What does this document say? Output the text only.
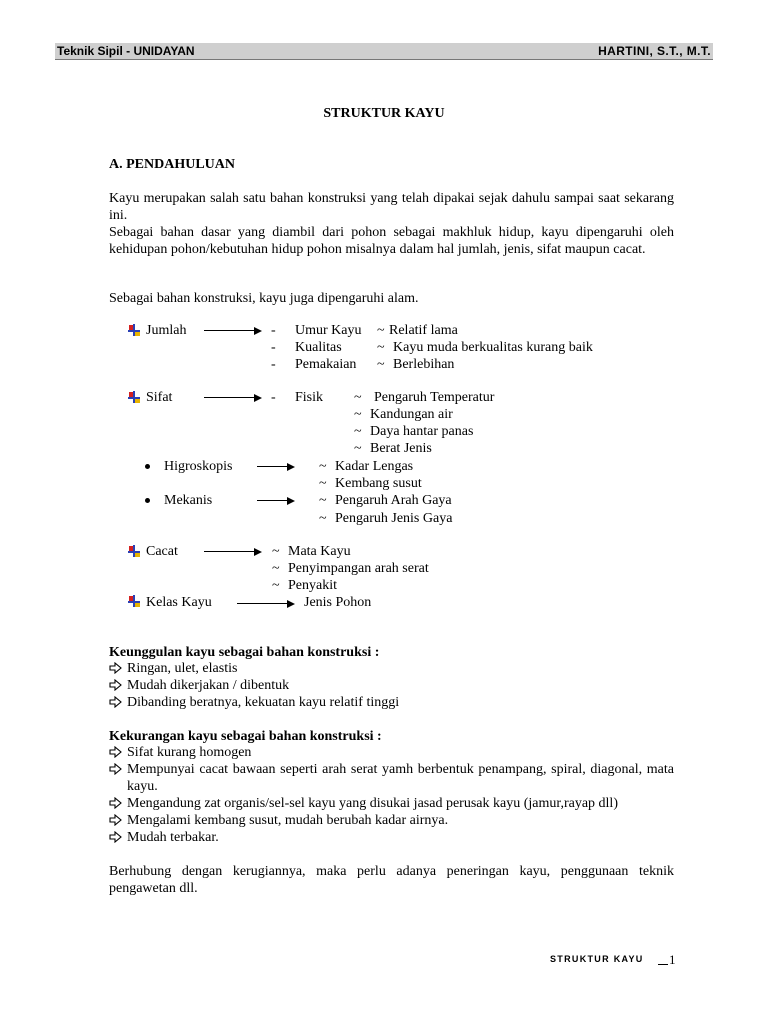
Teknik Sipil - UNIDAYAN	HARTINI, S.T., M.T.
STRUKTUR KAYU
A. PENDAHULUAN
Kayu merupakan salah satu bahan konstruksi yang telah dipakai sejak dahulu sampai saat sekarang ini.
Sebagai bahan dasar yang diambil dari pohon sebagai makhluk hidup, kayu dipengaruhi oleh kehidupan pohon/kebutuhan hidup pohon misalnya dalam hal jumlah, jenis, sifat maupun cacat.
Sebagai bahan konstruksi, kayu juga dipengaruhi alam.
Jumlah	- Umur Kayu ~ Relatif lama
- Kualitas	~ Kayu muda berkualitas kurang baik
- Pemakaian ~ Berlebihan
Sifat	- Fisik ~ Pengaruh Temperatur
~ Kandungan air
~ Daya hantar panas
~ Berat Jenis
Higroskopis	~ Kadar Lengas
~ Kembang susut
Mekanis	~ Pengaruh Arah Gaya
~ Pengaruh Jenis Gaya
Cacat	~ Mata Kayu
~ Penyimpangan arah serat
~ Penyakit
Kelas Kayu	Jenis Pohon
Keunggulan kayu sebagai bahan konstruksi :
Ringan, ulet, elastis
Mudah dikerjakan / dibentuk
Dibanding beratnya, kekuatan kayu relatif tinggi
Kekurangan kayu sebagai bahan konstruksi :
Sifat kurang homogen
Mempunyai cacat bawaan seperti arah serat yamh berbentuk penampang, spiral, diagonal, mata kayu.
Mengandung zat organis/sel-sel kayu yang disukai jasad perusak kayu (jamur,rayap dll)
Mengalami kembang susut, mudah berubah kadar airnya.
Mudah terbakar.
Berhubung dengan kerugiannya, maka perlu adanya peneringan kayu, penggunaan teknik pengawetan dll.
STRUKTUR KAYU 1
